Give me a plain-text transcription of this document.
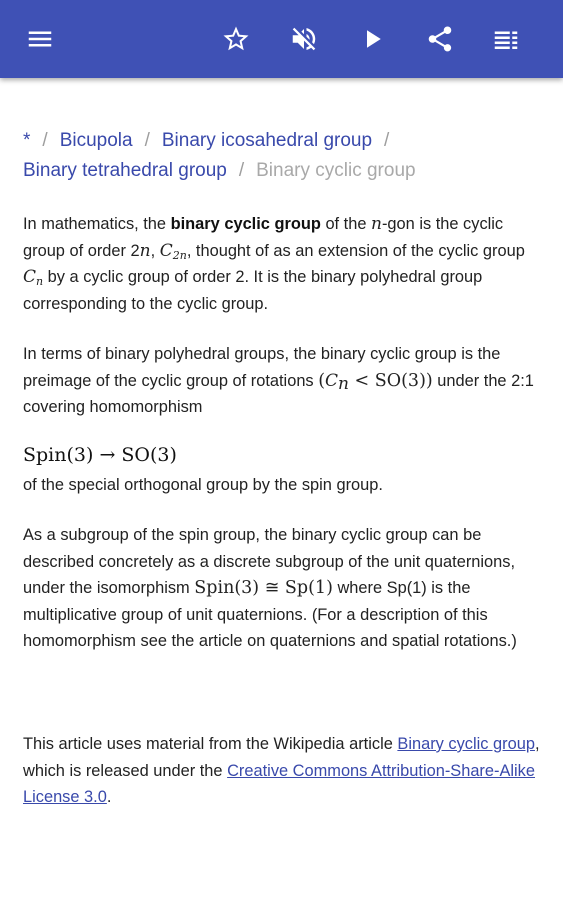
* / Bicupola / Binary icosahedral group /
Binary tetrahedral group / Binary cyclic group
In mathematics, the binary cyclic group of the n-gon is the cyclic group of order 2n, $C_{2n}$, thought of as an extension of the cyclic group $C_n$ by a cyclic group of order 2. It is the binary polyhedral group corresponding to the cyclic group.
In terms of binary polyhedral groups, the binary cyclic group is the preimage of the cyclic group of rotations $(C_n < SO(3))$ under the 2:1 covering homomorphism
Spin(3) → SO(3)
of the special orthogonal group by the spin group.
As a subgroup of the spin group, the binary cyclic group can be described concretely as a discrete subgroup of the unit quaternions, under the isomorphism Spin(3) ≅ Sp(1) where Sp(1) is the multiplicative group of unit quaternions. (For a description of this homomorphism see the article on quaternions and spatial rotations.)
This article uses material from the Wikipedia article Binary cyclic group, which is released under the Creative Commons Attribution-Share-Alike License 3.0.
